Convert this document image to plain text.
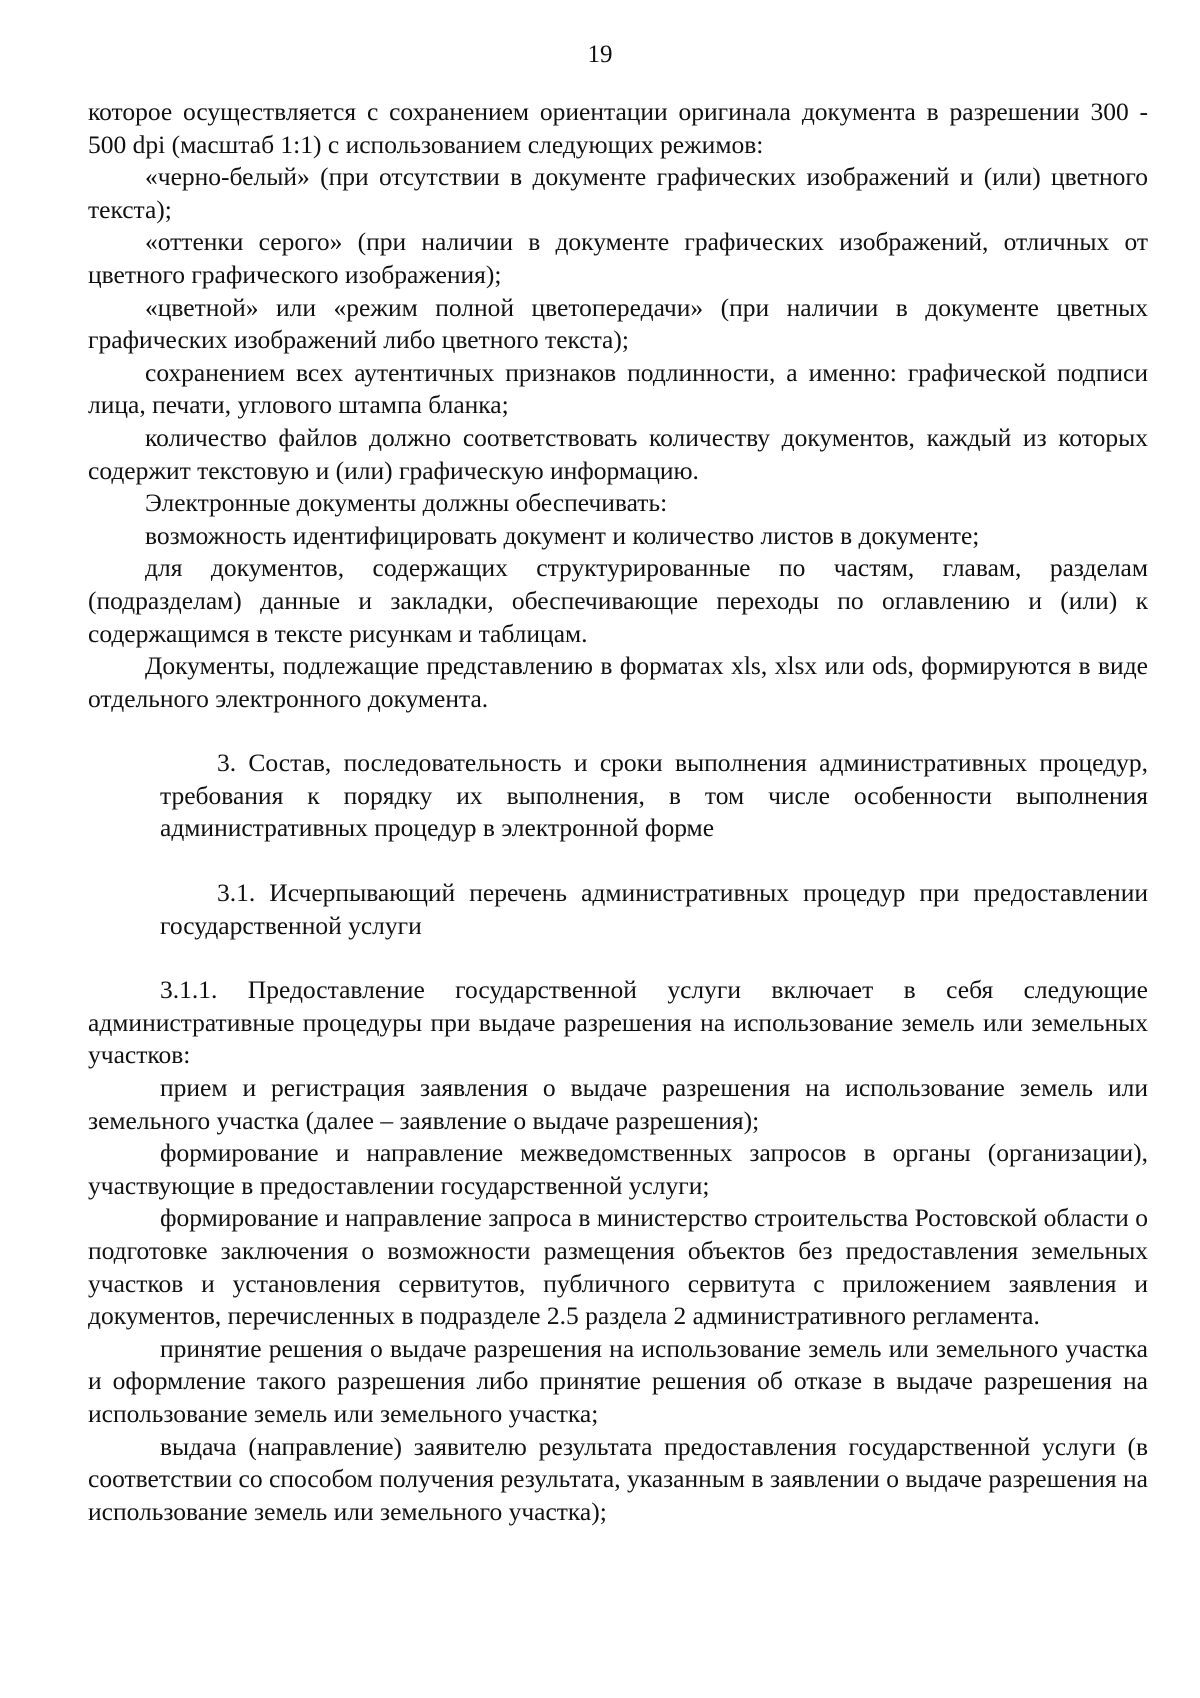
19

которое осуществляется с сохранением ориентации оригинала документа в разрешении 300 - 500 dpi (масштаб 1:1) с использованием следующих режимов:

«черно-белый» (при отсутствии в документе графических изображений и (или) цветного текста);

«оттенки серого» (при наличии в документе графических изображений, отличных от цветного графического изображения);

«цветной» или «режим полной цветопередачи» (при наличии в документе цветных графических изображений либо цветного текста);

сохранением всех аутентичных признаков подлинности, а именно: графической подписи лица, печати, углового штампа бланка;

количество файлов должно соответствовать количеству документов, каждый из которых содержит текстовую и (или) графическую информацию.

Электронные документы должны обеспечивать:

возможность идентифицировать документ и количество листов в документе;

для документов, содержащих структурированные по частям, главам, разделам (подразделам) данные и закладки, обеспечивающие переходы по оглавлению и (или) к содержащимся в тексте рисункам и таблицам.

Документы, подлежащие представлению в форматах xls, xlsx или ods, формируются в виде отдельного электронного документа.

3. Состав, последовательность и сроки выполнения административных процедур, требования к порядку их выполнения, в том числе особенности выполнения административных процедур в электронной форме

3.1. Исчерпывающий перечень административных процедур при предоставлении государственной услуги

3.1.1. Предоставление государственной услуги включает в себя следующие административные процедуры при выдаче разрешения на использование земель или земельных участков:

прием и регистрация заявления о выдаче разрешения на использование земель или земельного участка (далее – заявление о выдаче разрешения);

формирование и направление межведомственных запросов в органы (организации), участвующие в предоставлении государственной услуги;

формирование и направление запроса в министерство строительства Ростовской области о подготовке заключения о возможности размещения объектов без предоставления земельных участков и установления сервитутов, публичного сервитута с приложением заявления и документов, перечисленных в подразделе 2.5 раздела 2 административного регламента.

принятие решения о выдаче разрешения на использование земель или земельного участка и оформление такого разрешения либо принятие решения об отказе в выдаче разрешения на использование земель или земельного участка;

выдача (направление) заявителю результата предоставления государственной услуги (в соответствии со способом получения результата, указанным в заявлении о выдаче разрешения на использование земель или земельного участка);
